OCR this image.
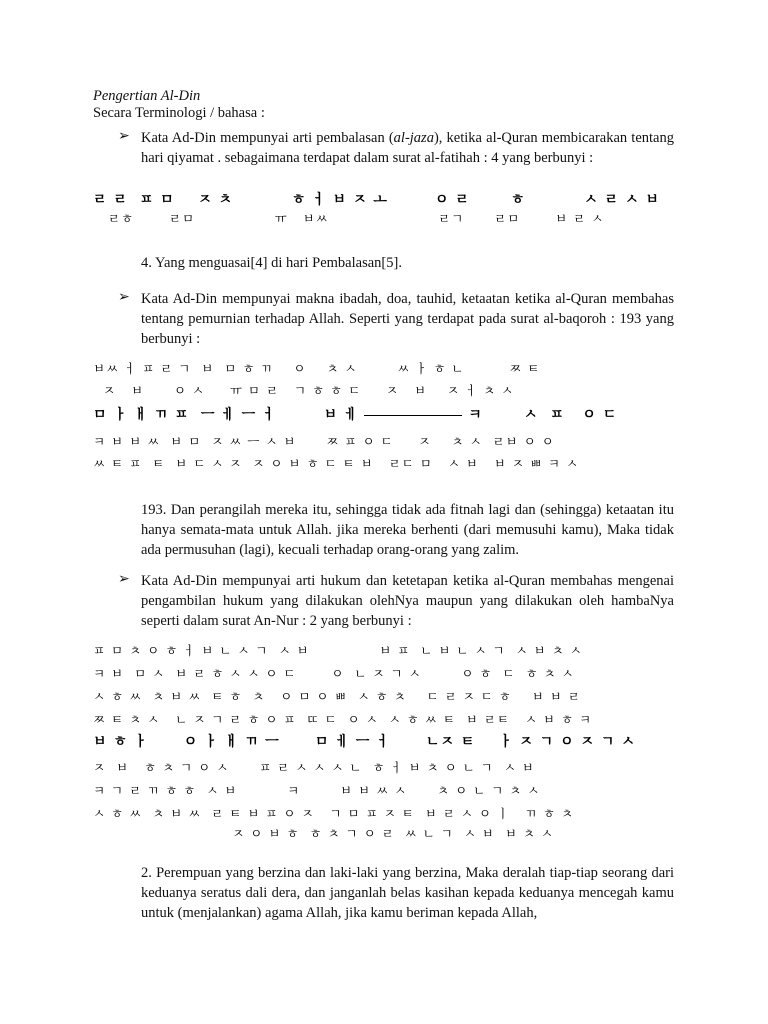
Pengertian Al-Din
Secara Terminologi / bahasa :
➢ Kata Ad-Din mempunyai arti pembalasan (al-jaza), ketika al-Quran membicarakan tentang hari qiyamat . sebagaimana terdapat dalam surat al-fatihah : 4 yang berbunyi :
ㄹ ㄹ  ㅍ ㅁ    ㅈ ㅊ          ㅎ ㅓ ㅂ ㅈ ㅗ        ㅇ ㄹ       ㅎ          ㅅ ㄹ ㅅ ㅂ
ㄹㅎ       ㄹㅁ                ㅠ   ㅂㅆ                      ㄹㄱ      ㄹㅁ       ㅂ ㄹ ㅅ
4. Yang menguasai[4] di hari Pembalasan[5].
➢ Kata Ad-Din mempunyai makna ibadah, doa, tauhid, ketaatan ketika al-Quran membahas tentang pemurnian terhadap Allah. Seperti yang terdapat pada surat al-baqoroh : 193 yang berbunyi :
ㅂㅆ ㅓ ㅍ ㄹ ㄱ  ㅂ  ㅁ ㅎ ㄲ    ㅇ    ㅊ ㅅ        ㅆ ㅏ ㅎ ㄴ         ㅉ ㅌ
ㅈ   ㅂ      ㅇ ㅅ     ㅠ ㅁ ㄹ   ㄱ ㅎ ㅎ ㄷ     ㅈ   ㅂ    ㅈ ㅓ ㅊ ㅅ
ㅁ ㅏ ㅐ ㄲ ㅍ  ㅡ ㅔ ㅡ ㅓ        ㅂ ㅔ	ㅋ       ㅅ  ㅍ   ㅇ ㄷ
ㅋ ㅂ ㅂ ㅆ  ㅂ ㅁ  ㅈ ㅆ ㅡ ㅅ ㅂ      ㅉ ㅍ ㅇ ㄷ     ㅈ    ㅊ ㅅ  ㄹㅂ ㅇ ㅇ
ㅆ ㅌ ㅍ  ㅌ  ㅂ ㄷ ㅅ ㅈ  ㅈ ㅇ ㅂ ㅎ ㄷ ㅌ ㅂ   ㄹㄷ ㅁ   ㅅ ㅂ   ㅂ ㅈ ㅃ ㅋ ㅅ
193. Dan perangilah mereka itu, sehingga tidak ada fitnah lagi dan (sehingga) ketaatan itu hanya semata-mata untuk Allah. jika mereka berhenti (dari memusuhi kamu), Maka tidak ada permusuhan (lagi), kecuali terhadap orang-orang yang zalim.
➢ Kata Ad-Din mempunyai arti hukum dan ketetapan ketika al-Quran membahas mengenai pengambilan hukum yang dilakukan olehNya maupun yang dilakukan oleh hambaNya seperti dalam surat An-Nur : 2 yang berbunyi :
ㅍ ㅁ ㅊ ㅇ ㅎ ㅓ ㅂ ㄴ ㅅ ㄱ  ㅅ ㅂ              ㅂ ㅍ  ㄴ ㅂ ㄴ ㅅ ㄱ  ㅅ ㅂ ㅊ ㅅ
ㅋ ㅂ  ㅁ ㅅ  ㅂ ㄹ ㅎ ㅅ ㅅ ㅇ ㄷ       ㅇ  ㄴ ㅈ ㄱ ㅅ        ㅇ ㅎ  ㄷ  ㅎ ㅊ ㅅ
ㅅ ㅎ ㅆ  ㅊ ㅂ ㅆ  ㅌ ㅎ  ㅊ   ㅇ ㅁ ㅇ ㅃ  ㅅ ㅎ ㅊ    ㄷ ㄹ ㅈ ㄷ ㅎ    ㅂ ㅂ ㄹ
ㅉ ㅌ ㅊ ㅅ   ㄴ ㅈ ㄱ ㄹ ㅎ ㅇ ㅍ  ㄸ ㄷ  ㅇ ㅅ  ㅅ ㅎ ㅆ ㅌ  ㅂ ㄹㅌ   ㅅ ㅂ ㅎ ㅋ
ㅂ ㅎ ㅏ      ㅇ ㅏ ㅐ ㄲ ㅡ      ㅁ ㅔ ㅡ ㅓ      ㄴㅈ ㅌ    ㅏ ㅈ ㄱ ㅇ ㅈ ㄱ ㅅ
ㅈ  ㅂ   ㅎ ㅊ ㄱ ㅇ ㅅ      ㅍ ㄹ ㅅ ㅅ ㅅ ㄴ  ㅎ ㅓ ㅂ ㅊ ㅇ ㄴ ㄱ  ㅅ ㅂ
ㅋ ㄱ ㄹ ㄲ ㅎ ㅎ  ㅅ ㅂ          ㅋ        ㅂ ㅂ ㅆ ㅅ      ㅊ ㅇ ㄴ ㄱ ㅊ ㅅ
ㅅ ㅎ ㅆ  ㅊ ㅂ ㅆ  ㄹ ㅌ ㅂ ㅍ ㅇ ㅈ   ㄱ ㅁ ㅍ ㅈ ㅌ  ㅂ ㄹ ㅅ ㅇ ㅣ   ㄲ ㅎ ㅊ
ㅈ ㅇ ㅂ ㅎ  ㅎ ㅊ ㄱ ㅇ ㄹ  ㅆ ㄴ ㄱ  ㅅ ㅂ  ㅂ ㅊ ㅅ
2. Perempuan yang berzina dan laki-laki yang berzina, Maka deralah tiap-tiap seorang dari keduanya seratus dali dera, dan janganlah belas kasihan kepada keduanya mencegah kamu untuk (menjalankan) agama Allah, jika kamu beriman kepada Allah,
